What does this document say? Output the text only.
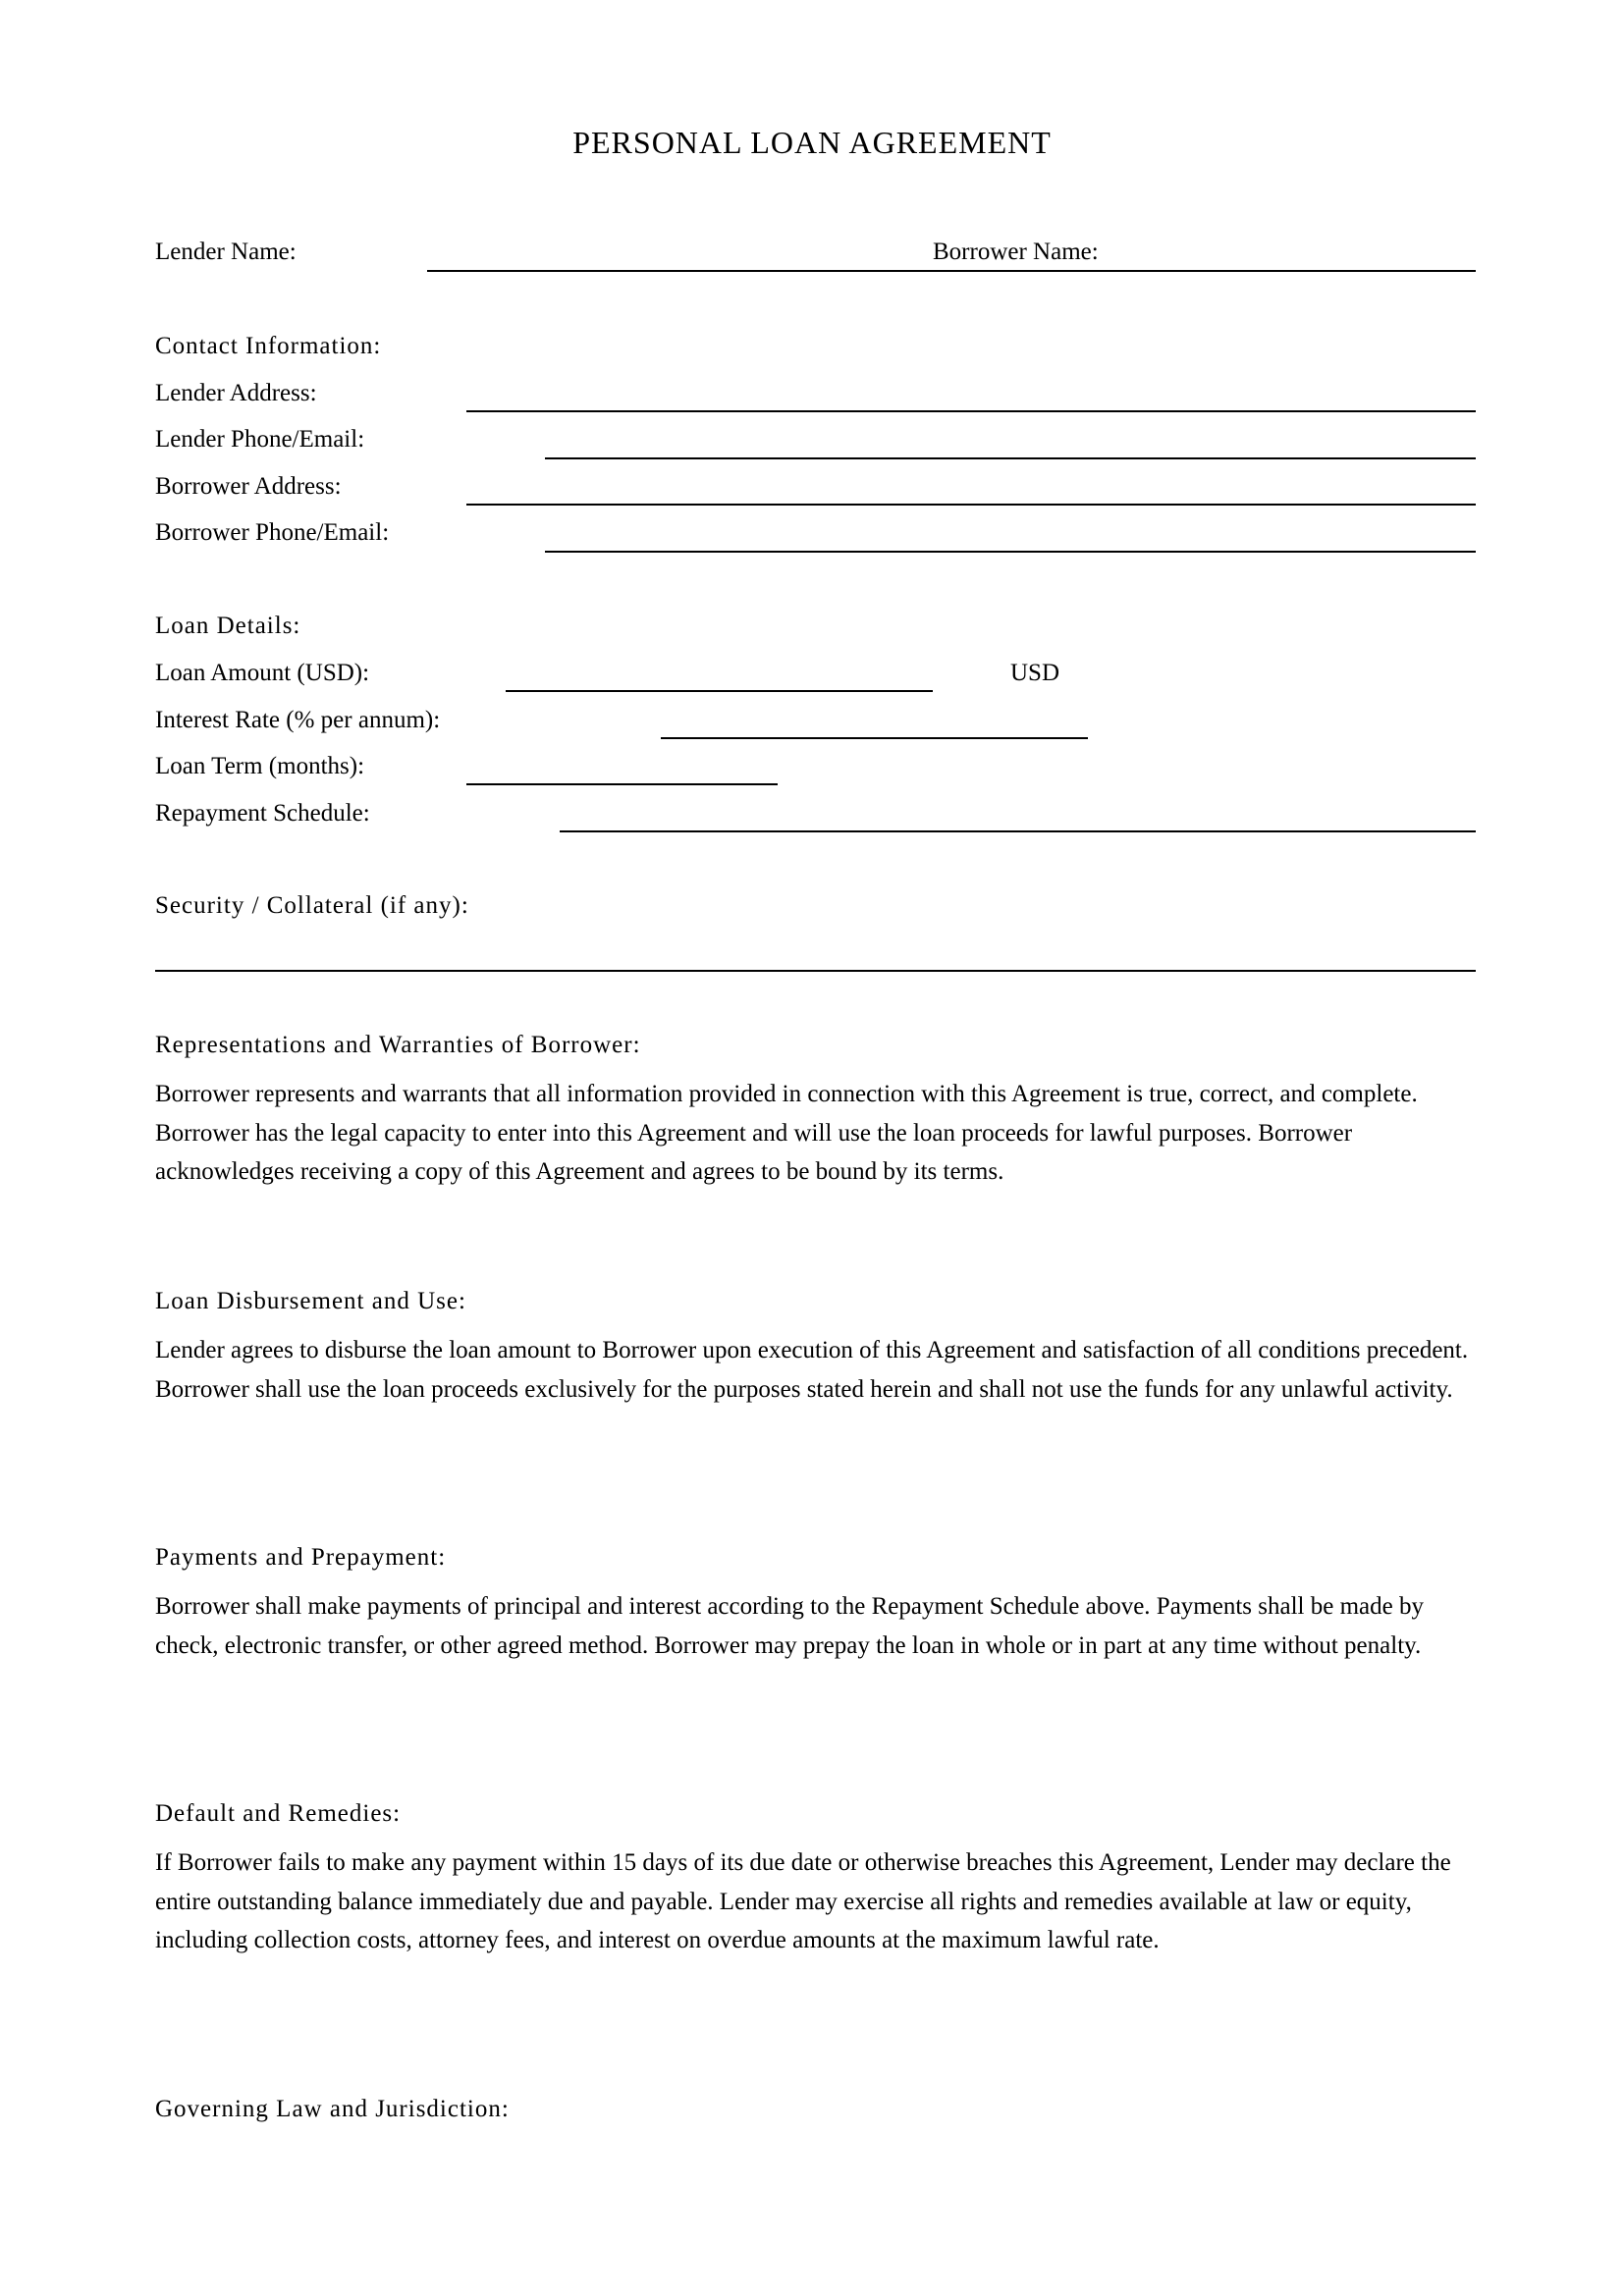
PERSONAL LOAN AGREEMENT
Lender Name:	Borrower Name:
Contact Information:
Lender Address:
Lender Phone/Email:
Borrower Address:
Borrower Phone/Email:
Loan Details:
Loan Amount (USD):	USD
Interest Rate (% per annum):
Loan Term (months):
Repayment Schedule:
Security / Collateral (if any):
Representations and Warranties of Borrower:
Borrower represents and warrants that all information provided in connection with this Agreement is true, correct, and complete. Borrower has the legal capacity to enter into this Agreement and will use the loan proceeds for lawful purposes. Borrower acknowledges receiving a copy of this Agreement and agrees to be bound by its terms.
Loan Disbursement and Use:
Lender agrees to disburse the loan amount to Borrower upon execution of this Agreement and satisfaction of all conditions precedent. Borrower shall use the loan proceeds exclusively for the purposes stated herein and shall not use the funds for any unlawful activity.
Payments and Prepayment:
Borrower shall make payments of principal and interest according to the Repayment Schedule above. Payments shall be made by check, electronic transfer, or other agreed method. Borrower may prepay the loan in whole or in part at any time without penalty.
Default and Remedies:
If Borrower fails to make any payment within 15 days of its due date or otherwise breaches this Agreement, Lender may declare the entire outstanding balance immediately due and payable. Lender may exercise all rights and remedies available at law or equity, including collection costs, attorney fees, and interest on overdue amounts at the maximum lawful rate.
Governing Law and Jurisdiction:
